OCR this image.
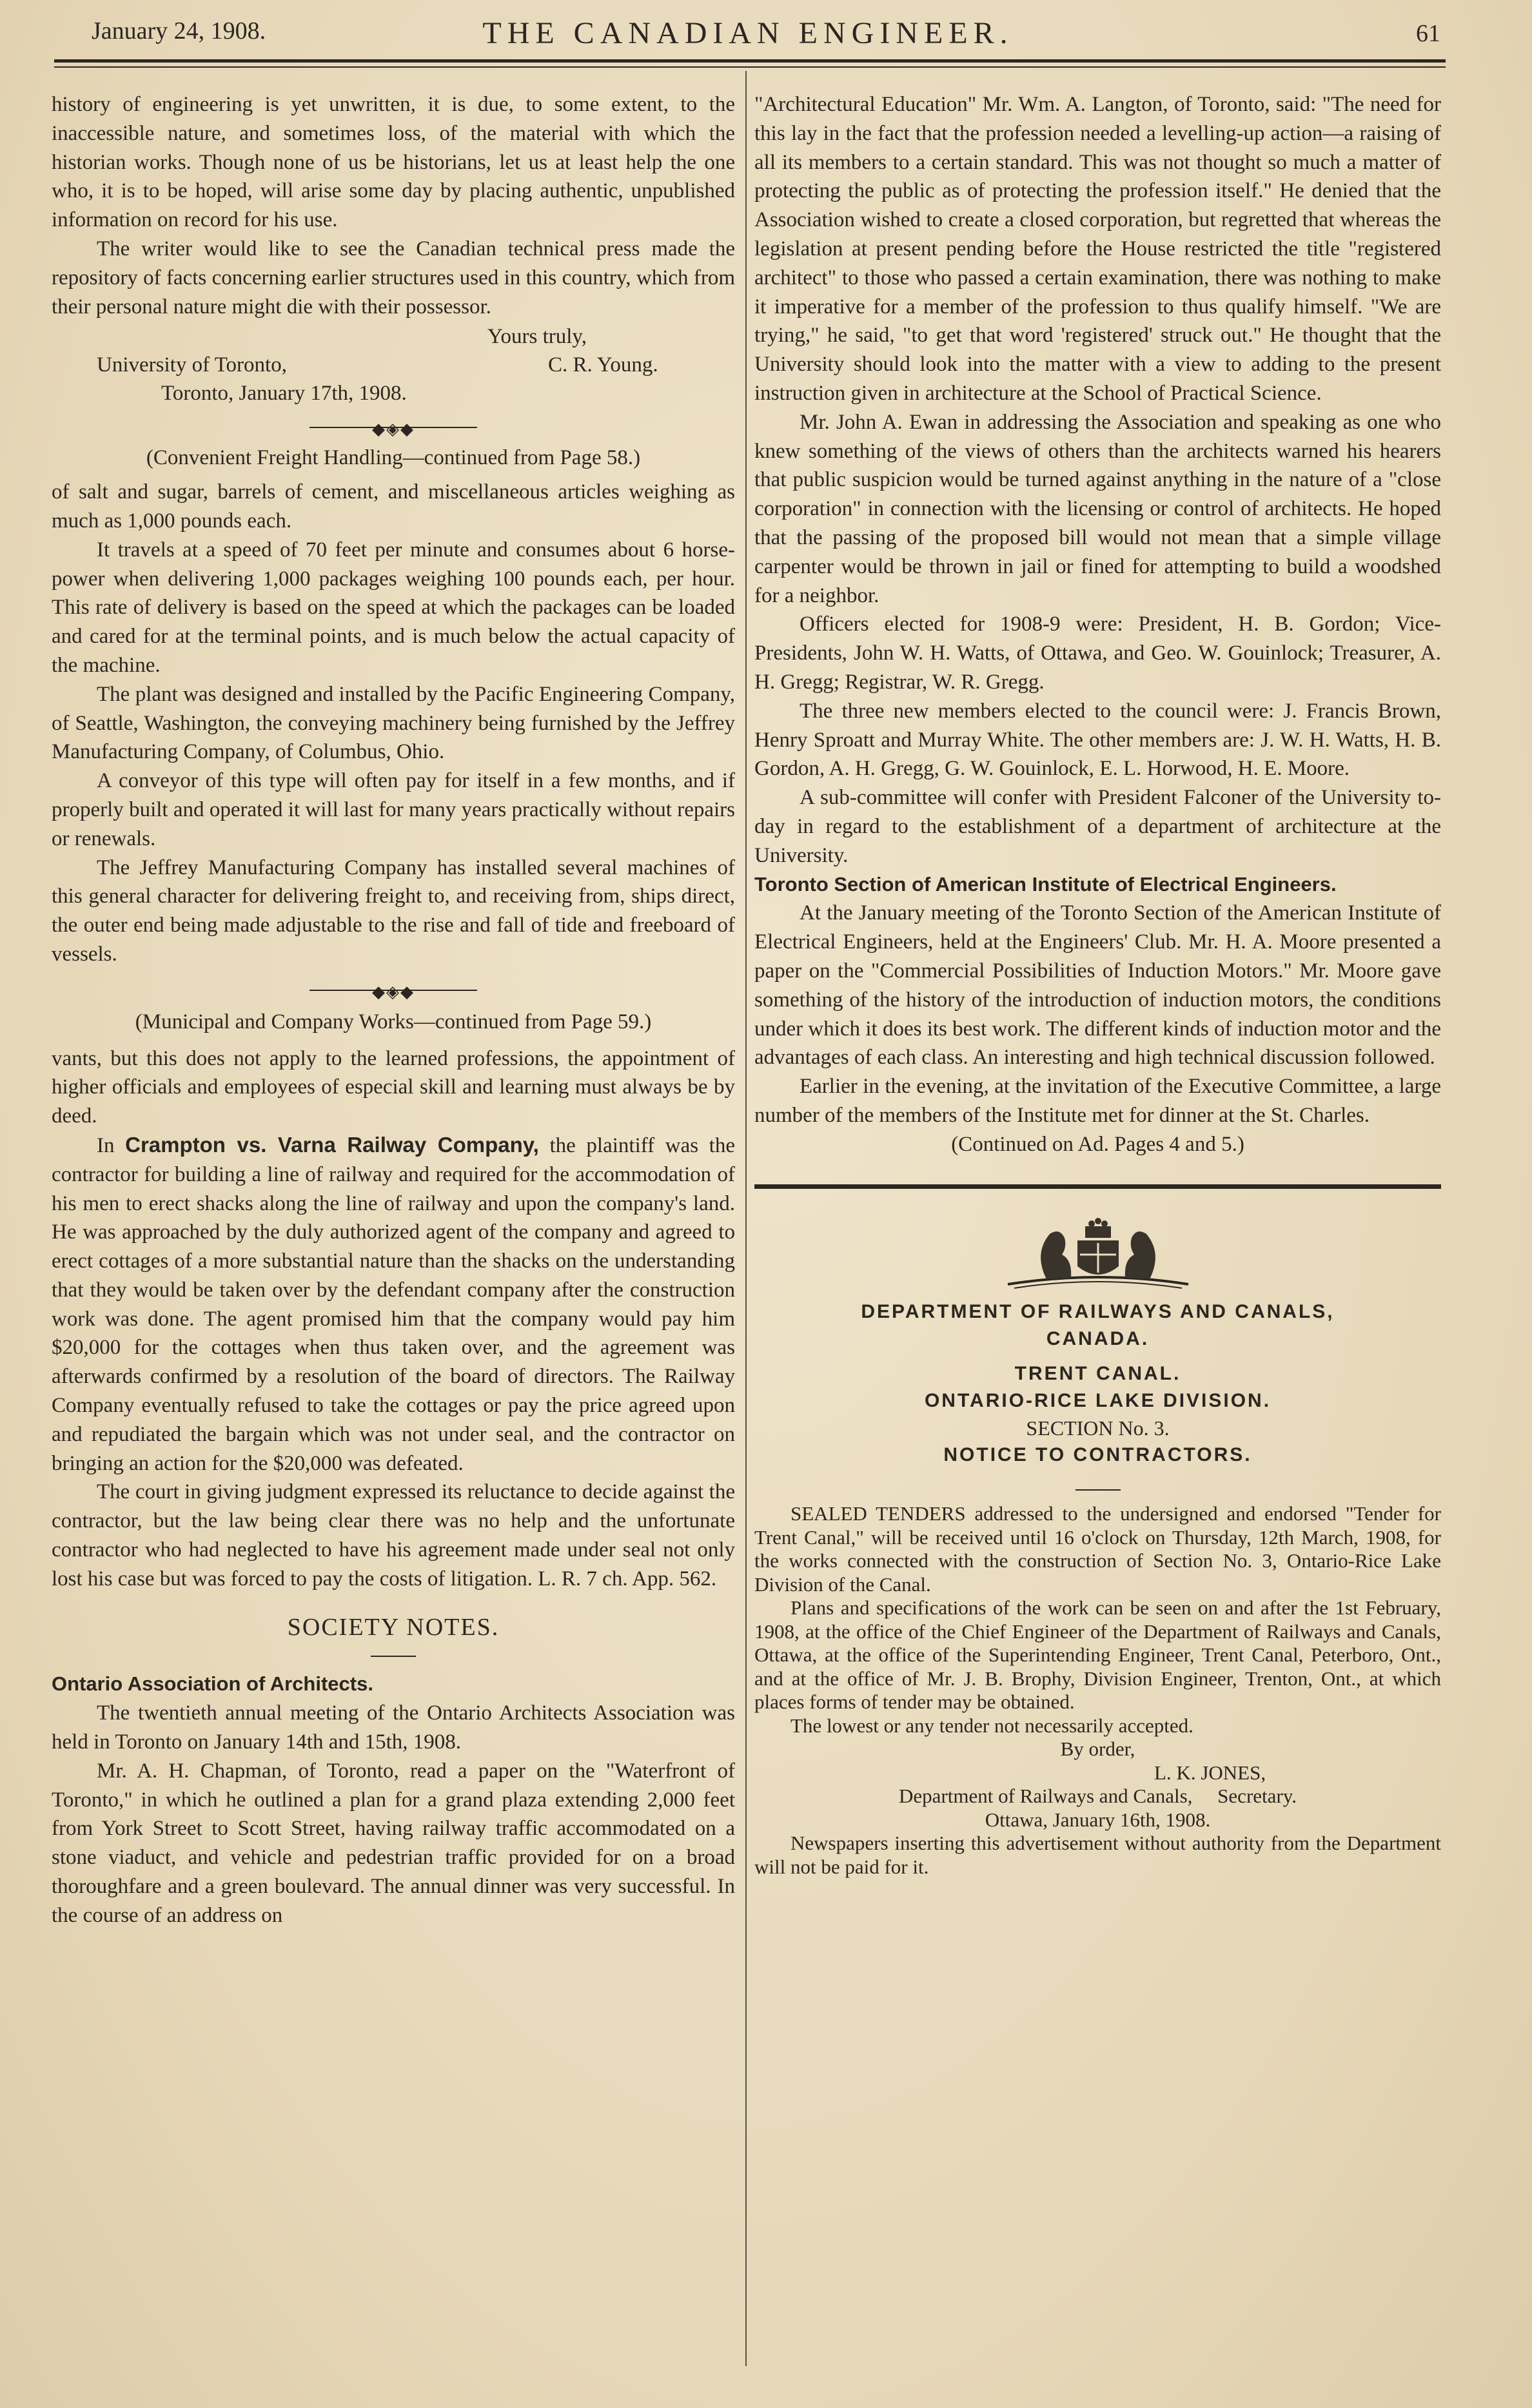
January 24, 1908.	THE CANADIAN ENGINEER.	61

history of engineering is yet unwritten, it is due, to some extent, to the inaccessible nature, and sometimes loss, of the material with which the historian works. Though none of us be historians, let us at least help the one who, it is to be hoped, will arise some day by placing authentic, unpublished information on record for his use.

The writer would like to see the Canadian technical press made the repository of facts concerning earlier structures used in this country, which from their personal nature might die with their possessor.

Yours truly,
University of Toronto,	C. R. Young.
Toronto, January 17th, 1908.
◆◈◆

(Convenient Freight Handling—continued from Page 58.)

of salt and sugar, barrels of cement, and miscellaneous articles weighing as much as 1,000 pounds each.

It travels at a speed of 70 feet per minute and consumes about 6 horse-power when delivering 1,000 packages weighing 100 pounds each, per hour. This rate of delivery is based on the speed at which the packages can be loaded and cared for at the terminal points, and is much below the actual capacity of the machine.

The plant was designed and installed by the Pacific Engineering Company, of Seattle, Washington, the conveying machinery being furnished by the Jeffrey Manufacturing Company, of Columbus, Ohio.

A conveyor of this type will often pay for itself in a few months, and if properly built and operated it will last for many years practically without repairs or renewals.

The Jeffrey Manufacturing Company has installed several machines of this general character for delivering freight to, and receiving from, ships direct, the outer end being made adjustable to the rise and fall of tide and freeboard of vessels.

◆◈◆

(Municipal and Company Works—continued from Page 59.)

vants, but this does not apply to the learned professions, the appointment of higher officials and employees of especial skill and learning must always be by deed.

In Crampton vs. Varna Railway Company, the plaintiff was the contractor for building a line of railway and required for the accommodation of his men to erect shacks along the line of railway and upon the company's land. He was approached by the duly authorized agent of the company and agreed to erect cottages of a more substantial nature than the shacks on the understanding that they would be taken over by the defendant company after the construction work was done. The agent promised him that the company would pay him $20,000 for the cottages when thus taken over, and the agreement was afterwards confirmed by a resolution of the board of directors. The Railway Company eventually refused to take the cottages or pay the price agreed upon and repudiated the bargain which was not under seal, and the contractor on bringing an action for the $20,000 was defeated.

The court in giving judgment expressed its reluctance to decide against the contractor, but the law being clear there was no help and the unfortunate contractor who had neglected to have his agreement made under seal not only lost his case but was forced to pay the costs of litigation. L. R. 7 ch. App. 562.

SOCIETY NOTES.

Ontario Association of Architects.

The twentieth annual meeting of the Ontario Architects Association was held in Toronto on January 14th and 15th, 1908.

Mr. A. H. Chapman, of Toronto, read a paper on the "Waterfront of Toronto," in which he outlined a plan for a grand plaza extending 2,000 feet from York Street to Scott Street, having railway traffic accommodated on a stone viaduct, and vehicle and pedestrian traffic provided for on a broad thoroughfare and a green boulevard. The annual dinner was very successful. In the course of an address on

"Architectural Education" Mr. Wm. A. Langton, of Toronto, said: "The need for this lay in the fact that the profession needed a levelling-up action—a raising of all its members to a certain standard. This was not thought so much a matter of protecting the public as of protecting the profession itself." He denied that the Association wished to create a closed corporation, but regretted that whereas the legislation at present pending before the House restricted the title "registered architect" to those who passed a certain examination, there was nothing to make it imperative for a member of the profession to thus qualify himself. "We are trying," he said, "to get that word 'registered' struck out." He thought that the University should look into the matter with a view to adding to the present instruction given in architecture at the School of Practical Science.

Mr. John A. Ewan in addressing the Association and speaking as one who knew something of the views of others than the architects warned his hearers that public suspicion would be turned against anything in the nature of a "close corporation" in connection with the licensing or control of architects. He hoped that the passing of the proposed bill would not mean that a simple village carpenter would be thrown in jail or fined for attempting to build a woodshed for a neighbor.

Officers elected for 1908-9 were: President, H. B. Gordon; Vice-Presidents, John W. H. Watts, of Ottawa, and Geo. W. Gouinlock; Treasurer, A. H. Gregg; Registrar, W. R. Gregg.

The three new members elected to the council were: J. Francis Brown, Henry Sproatt and Murray White. The other members are: J. W. H. Watts, H. B. Gordon, A. H. Gregg, G. W. Gouinlock, E. L. Horwood, H. E. Moore.

A sub-committee will confer with President Falconer of the University to-day in regard to the establishment of a department of architecture at the University.

Toronto Section of American Institute of Electrical Engineers.

At the January meeting of the Toronto Section of the American Institute of Electrical Engineers, held at the Engineers' Club. Mr. H. A. Moore presented a paper on the "Commercial Possibilities of Induction Motors." Mr. Moore gave something of the history of the introduction of induction motors, the conditions under which it does its best work. The different kinds of induction motor and the advantages of each class. An interesting and high technical discussion followed.

Earlier in the evening, at the invitation of the Executive Committee, a large number of the members of the Institute met for dinner at the St. Charles.

(Continued on Ad. Pages 4 and 5.)

DEPARTMENT OF RAILWAYS AND CANALS,
CANADA.
TRENT CANAL.
ONTARIO-RICE LAKE DIVISION.
SECTION No. 3.
NOTICE TO CONTRACTORS.

SEALED TENDERS addressed to the undersigned and endorsed "Tender for Trent Canal," will be received until 16 o'clock on Thursday, 12th March, 1908, for the works connected with the construction of Section No. 3, Ontario-Rice Lake Division of the Canal.

Plans and specifications of the work can be seen on and after the 1st February, 1908, at the office of the Chief Engineer of the Department of Railways and Canals, Ottawa, at the office of the Superintending Engineer, Trent Canal, Peterboro, Ont., and at the office of Mr. J. B. Brophy, Division Engineer, Trenton, Ont., at which places forms of tender may be obtained.

The lowest or any tender not necessarily accepted.

By order,

L. K. JONES,

Department of Railways and Canals,     Secretary.

Ottawa, January 16th, 1908.

Newspapers inserting this advertisement without authority from the Department will not be paid for it.
